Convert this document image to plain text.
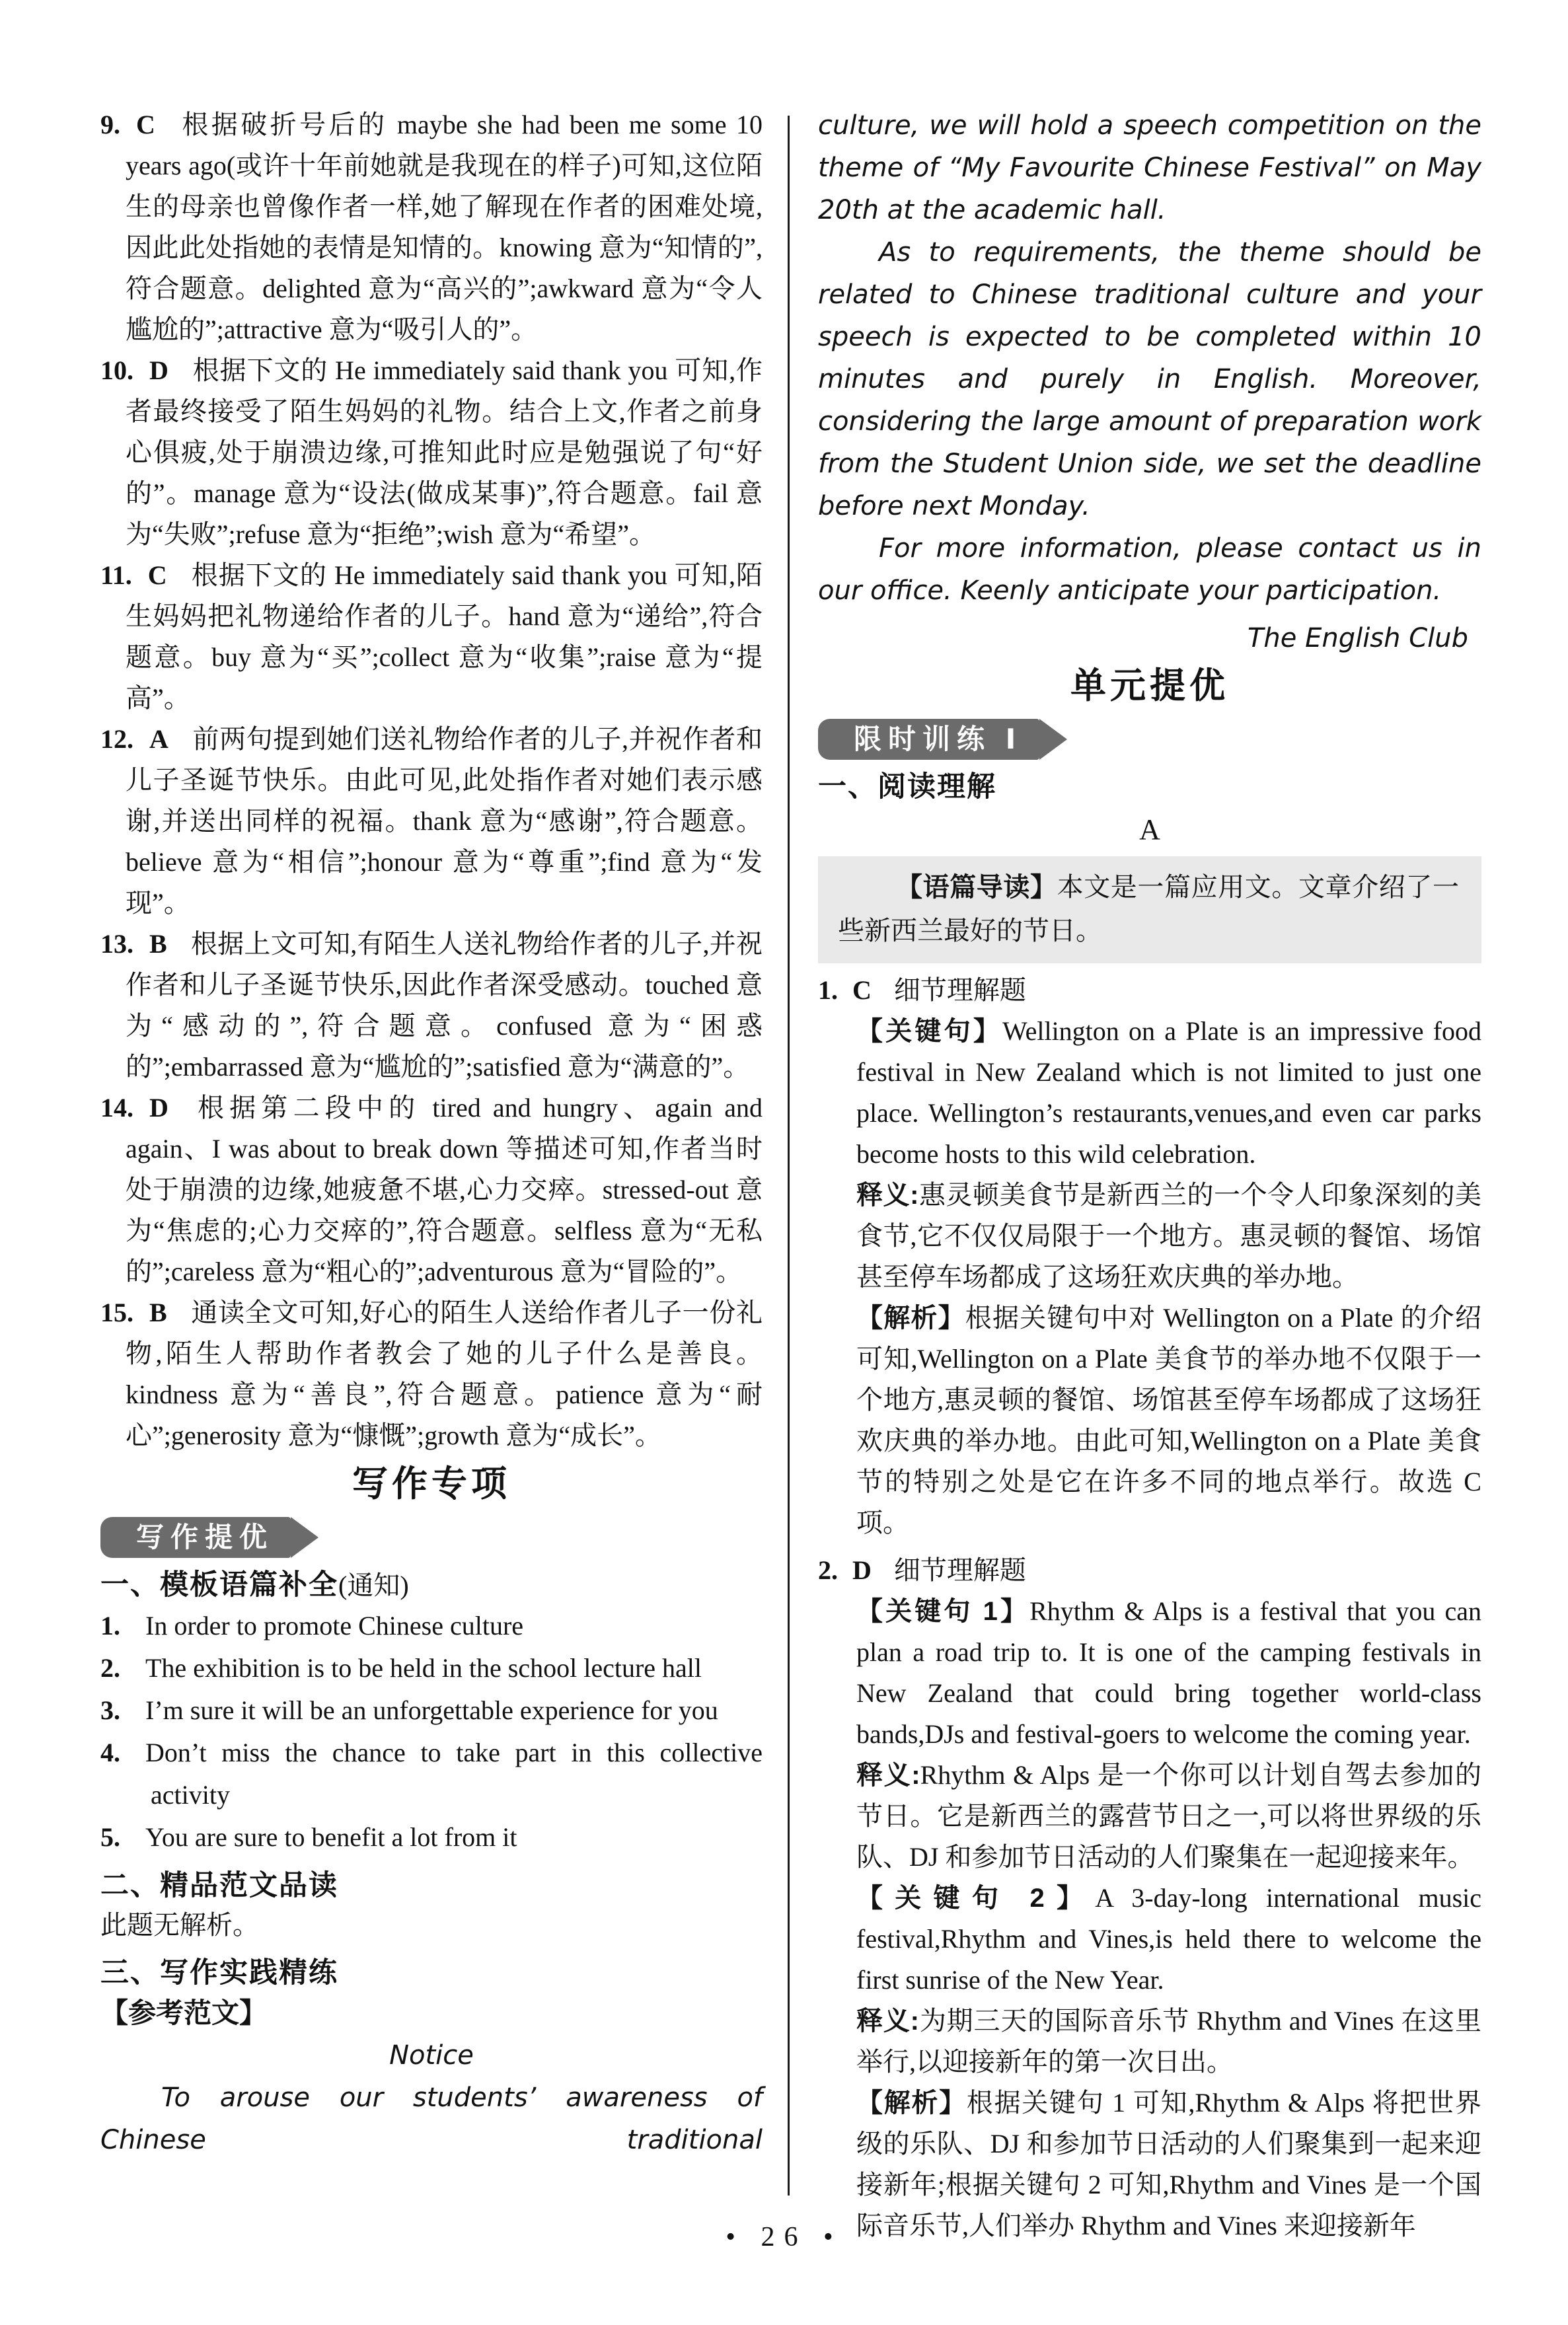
9. C 根据破折号后的 maybe she had been me some 10 years ago(或许十年前她就是我现在的样子)可知,这位陌生的母亲也曾像作者一样,她了解现在作者的困难处境,因此此处指她的表情是知情的。knowing 意为“知情的”,符合题意。delighted 意为“高兴的”;awkward 意为“令人尴尬的”;attractive 意为“吸引人的”。

10. D 根据下文的 He immediately said thank you 可知,作者最终接受了陌生妈妈的礼物。结合上文,作者之前身心俱疲,处于崩溃边缘,可推知此时应是勉强说了句“好的”。manage 意为“设法(做成某事)”,符合题意。fail 意为“失败”;refuse 意为“拒绝”;wish 意为“希望”。

11. C 根据下文的 He immediately said thank you 可知,陌生妈妈把礼物递给作者的儿子。hand 意为“递给”,符合题意。buy 意为“买”;collect 意为“收集”;raise 意为“提高”。

12. A 前两句提到她们送礼物给作者的儿子,并祝作者和儿子圣诞节快乐。由此可见,此处指作者对她们表示感谢,并送出同样的祝福。thank 意为“感谢”,符合题意。believe 意为“相信”;honour 意为“尊重”;find 意为“发现”。

13. B 根据上文可知,有陌生人送礼物给作者的儿子,并祝作者和儿子圣诞节快乐,因此作者深受感动。touched 意为“感动的”,符合题意。confused 意为“困惑的”;embarrassed 意为“尴尬的”;satisfied 意为“满意的”。

14. D 根据第二段中的 tired and hungry、again and again、I was about to break down 等描述可知,作者当时处于崩溃的边缘,她疲惫不堪,心力交瘁。stressed-out 意为“焦虑的;心力交瘁的”,符合题意。selfless 意为“无私的”;careless 意为“粗心的”;adventurous 意为“冒险的”。

15. B 通读全文可知,好心的陌生人送给作者儿子一份礼物,陌生人帮助作者教会了她的儿子什么是善良。kindness 意为“善良”,符合题意。patience 意为“耐心”;generosity 意为“慷慨”;growth 意为“成长”。

写作专项
写作提优
一、模板语篇补全(通知)

1. In order to promote Chinese culture

2. The exhibition is to be held in the school lecture hall

3. I’m sure it will be an unforgettable experience for you

4. Don’t miss the chance to take part in this collective activity

5. You are sure to benefit a lot from it

二、精品范文品读

此题无解析。

三、写作实践精练

【参考范文】

Notice

To arouse our students’ awareness of Chinese traditional

culture, we will hold a speech competition on the theme of “My Favourite Chinese Festival” on May 20th at the academic hall.

As to requirements, the theme should be related to Chinese traditional culture and your speech is expected to be completed within 10 minutes and purely in English. Moreover, considering the large amount of preparation work from the Student Union side, we set the deadline before next Monday.

For more information, please contact us in our office. Keenly anticipate your participation.

The English Club

单元提优
限时训练 Ⅰ
一、阅读理解

A

【语篇导读】本文是一篇应用文。文章介绍了一些新西兰最好的节日。

1. C 细节理解题

【关键句】Wellington on a Plate is an impressive food festival in New Zealand which is not limited to just one place. Wellington’s restaurants,venues,and even car parks become hosts to this wild celebration.

释义:惠灵顿美食节是新西兰的一个令人印象深刻的美食节,它不仅仅局限于一个地方。惠灵顿的餐馆、场馆甚至停车场都成了这场狂欢庆典的举办地。

【解析】根据关键句中对 Wellington on a Plate 的介绍可知,Wellington on a Plate 美食节的举办地不仅限于一个地方,惠灵顿的餐馆、场馆甚至停车场都成了这场狂欢庆典的举办地。由此可知,Wellington on a Plate 美食节的特别之处是它在许多不同的地点举行。故选 C 项。

2. D 细节理解题

【关键句 1】Rhythm & Alps is a festival that you can plan a road trip to. It is one of the camping festivals in New Zealand that could bring together world-class bands,DJs and festival-goers to welcome the coming year.

释义:Rhythm & Alps 是一个你可以计划自驾去参加的节日。它是新西兰的露营节日之一,可以将世界级的乐队、DJ 和参加节日活动的人们聚集在一起迎接来年。

【关键句 2】A 3-day-long international music festival,Rhythm and Vines,is held there to welcome the first sunrise of the New Year.

释义:为期三天的国际音乐节 Rhythm and Vines 在这里举行,以迎接新年的第一次日出。

【解析】根据关键句 1 可知,Rhythm & Alps 将把世界级的乐队、DJ 和参加节日活动的人们聚集到一起来迎接新年;根据关键句 2 可知,Rhythm and Vines 是一个国际音乐节,人们举办 Rhythm and Vines 来迎接新年

• 26 •
